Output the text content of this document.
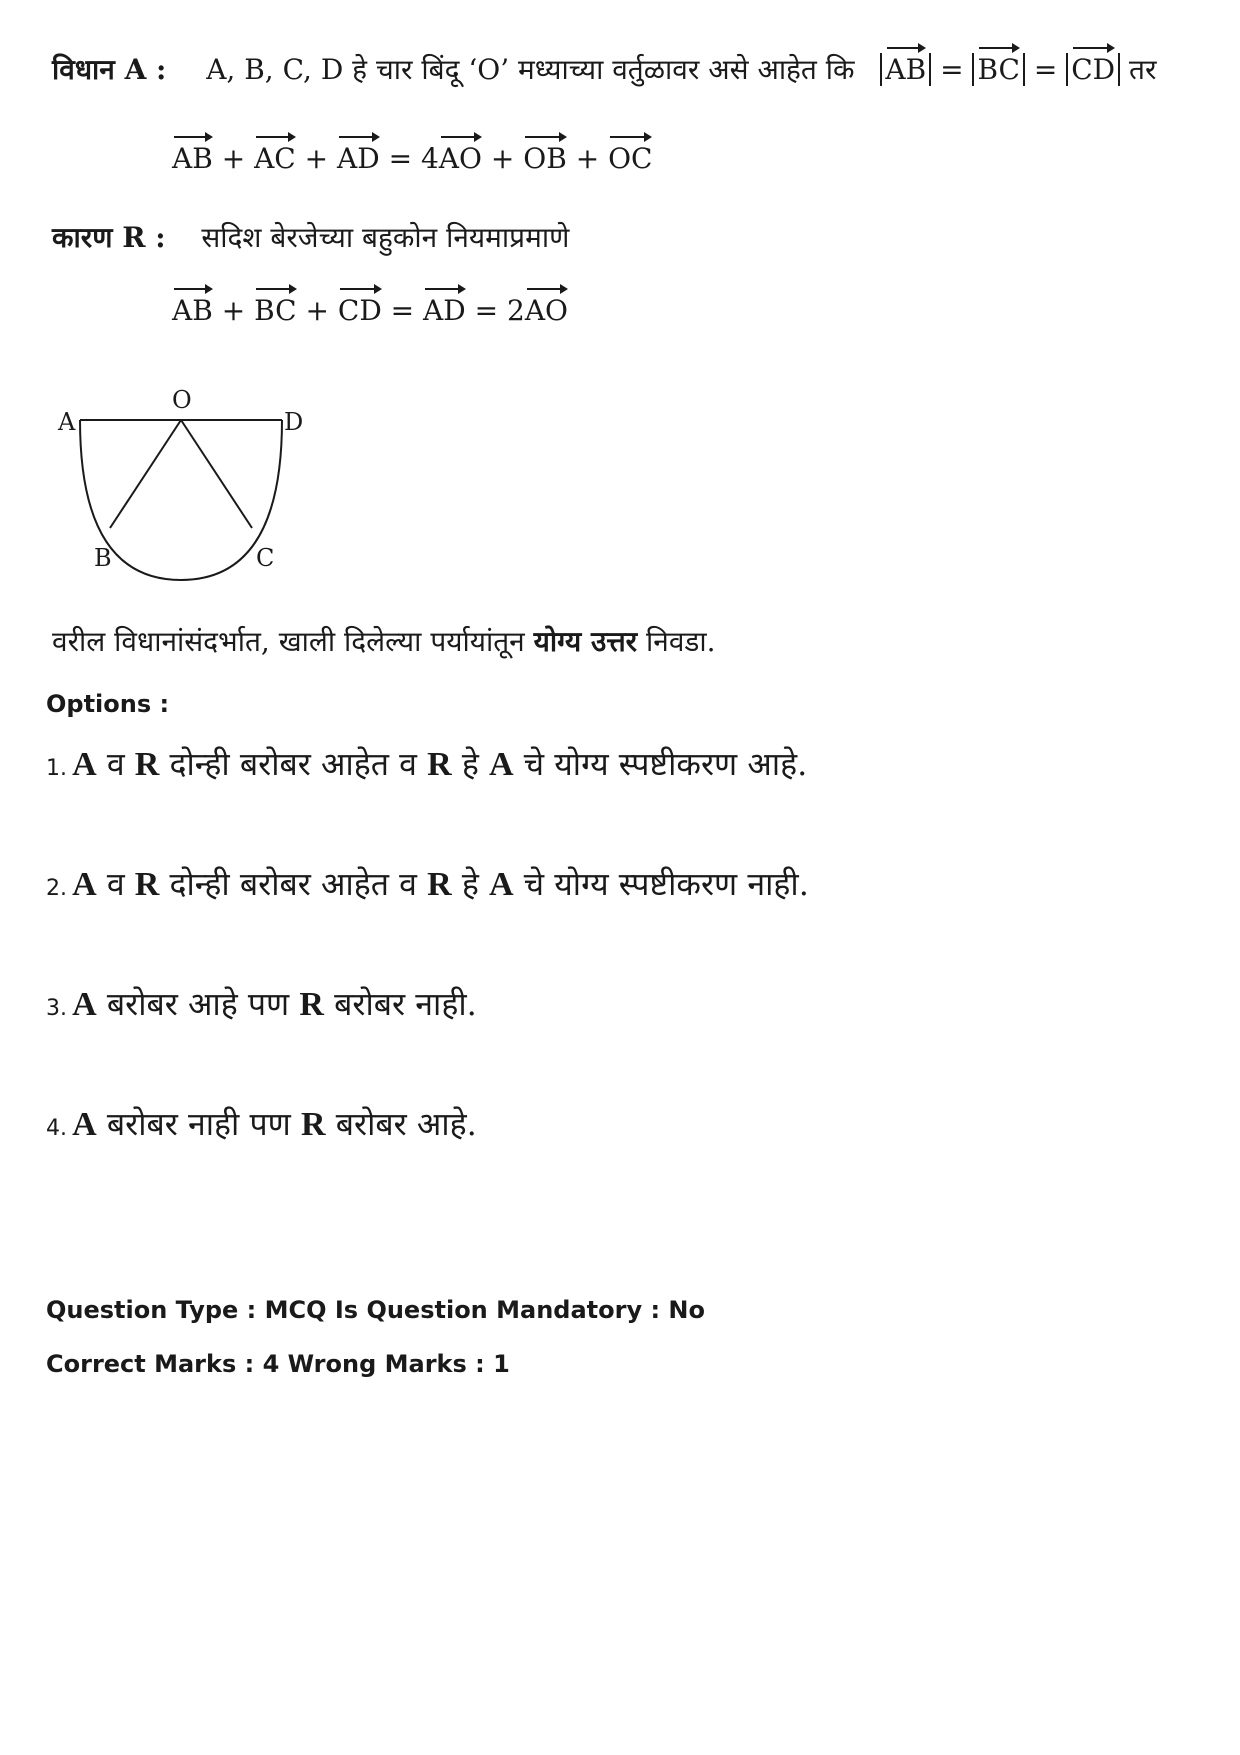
विधान A : A, B, C, D हे चार बिंदू ‘O’ मध्याच्या वर्तुळावर असे आहेत कि AB = BC = CD तर
AB + AC + AD = 4AO + OB + OC
कारण R : सदिश बेरजेच्या बहुकोन नियमाप्रमाणे
AB + BC + CD = AD = 2AO
A
O
D
B	C
वरील विधानांसंदर्भात, खाली दिलेल्या पर्यायांतून योग्य उत्तर निवडा.
Options :
1. A व R दोन्ही बरोबर आहेत व R हे A चे योग्य स्पष्टीकरण आहे.
2. A व R दोन्ही बरोबर आहेत व R हे A चे योग्य स्पष्टीकरण नाही.
3. A बरोबर आहे पण R बरोबर नाही.
4. A बरोबर नाही पण R बरोबर आहे.
Question Type : MCQ Is Question Mandatory : No
Correct Marks : 4 Wrong Marks : 1
